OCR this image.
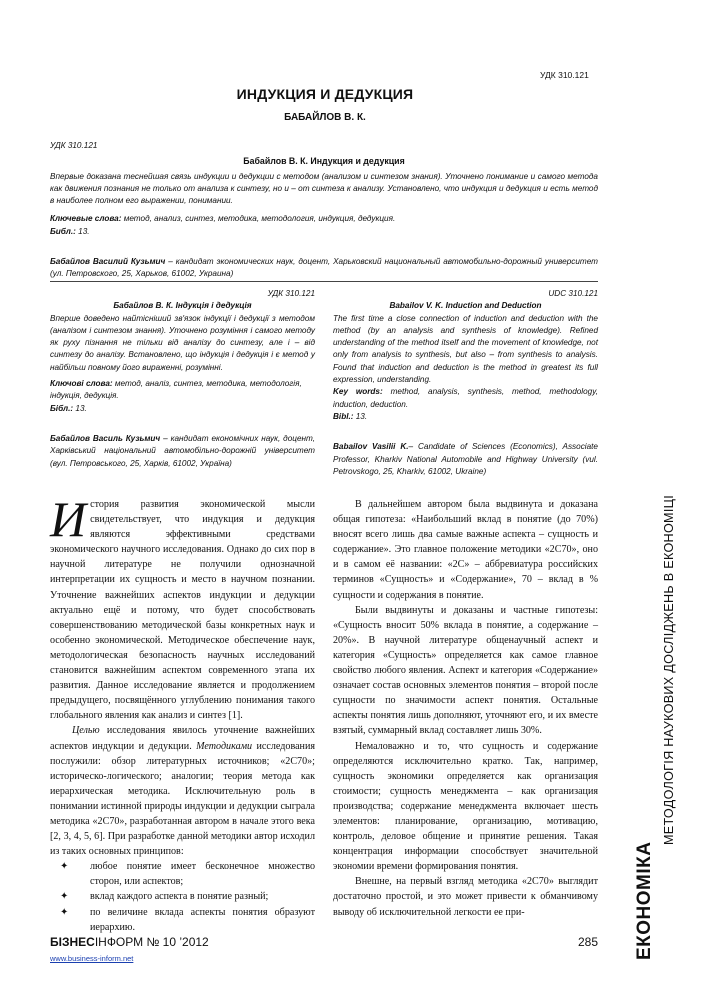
УДК 310.121
ИНДУКЦИЯ И ДЕДУКЦИЯ
БАБАЙЛОВ В. К.
УДК 310.121
Бабайлов В. К. Индукция и дедукция
Впервые доказана теснейшая связь индукции и дедукции с методом (анализом и синтезом знания). Уточнено понимание и самого метода как движения познания не только от анализа к синтезу, но и – от синтеза к анализу. Установлено, что индукция и дедукция и есть метод в наиболее полном его выражении, понимании.
Ключевые слова: метод, анализ, синтез, методика, методология, индукция, дедукция.
Библ.: 13.
Бабайлов Василий Кузьмич – кандидат экономических наук, доцент, Харьковский национальный автомобильно-дорожный университет (ул. Петровского, 25, Харьков, 61002, Украина)
УДК 310.121
Бабайлов В. К. Індукція і дедукція
Вперше доведено найтісніший зв'язок індукції і дедукції з методом (аналізом і синтезом знання). Уточнено розуміння і самого методу як руху пізнання не тільки від аналізу до синтезу, але і – від синтезу до аналізу. Встановлено, що індукція і дедукція і є метод у найбільш повному його вираженні, розумінні.
Ключові слова: метод, аналіз, синтез, методика, методологія, індукція, дедукція.
Бібл.: 13.
Бабайлов Василь Кузьмич – кандидат економічних наук, доцент, Харківський національний автомобільно-дорожній університет (вул. Петровського, 25, Харків, 61002, Україна)
UDC 310.121
Babailov V. K. Induction and Deduction
The first time a close connection of induction and deduction with the method (by an analysis and synthesis of knowledge). Refined understanding of the method itself and the movement of knowledge, not only from analysis to synthesis, but also – from synthesis to analysis. Found that induction and deduction is the method in greatest its full expression, understanding.
Key words: method, analysis, synthesis, method, methodology, induction, deduction.
Bibl.: 13.
Babailov Vasilii K.– Candidate of Sciences (Economics), Associate Professor, Kharkiv National Automobile and Highway University (vul. Petrovskogo, 25, Kharkiv, 61002, Ukraine)

История развития экономической мысли свидетельствует, что индукция и дедукция являются эффективными средствами экономического научного исследования. Однако до сих пор в научной литературе не получили однозначной интерпретации их сущность и место в научном познании. Уточнение важнейших аспектов индукции и дедукции актуально ещё и потому, что будет способствовать совершенствованию методической базы конкретных наук и особенно экономической. Методическое обеспечение наук, методологическая безопасность научных исследований становится важнейшим аспектом современного этапа их развития. Данное исследование является и продолжением предыдущего, посвящённого углублению понимания такого глобального явления как анализ и синтез [1].

Целью исследования явилось уточнение важнейших аспектов индукции и дедукции. Методиками исследования послужили: обзор литературных источников; «2С70»; историческо-логического; аналогии; теория метода как иерархическая методика. Исключительную роль в понимании истинной природы индукции и дедукции сыграла методика «2С70», разработанная автором в начале этого века [2, 3, 4, 5, 6]. При разработке данной методики автор исходил из таких основных принципов:

✦ любое понятие имеет бесконечное множество сторон, или аспектов;
✦ вклад каждого аспекта в понятие разный;
✦ по величине вклада аспекты понятия образуют иерархию.

В дальнейшем автором была выдвинута и доказана общая гипотеза: «Наибольший вклад в понятие (до 70%) вносят всего лишь два самые важные аспекта – сущность и содержание». Это главное положение методики «2С70», оно и в самом её названии: «2С» – аббревиатура российских терминов «Сущность» и «Содержание», 70 – вклад в % сущности и содержания в понятие.

Были выдвинуты и доказаны и частные гипотезы: «Сущность вносит 50% вклада в понятие, а содержание – 20%». В научной литературе общенаучный аспект и категория «Сущность» определяется как самое главное свойство любого явления. Аспект и категория «Содержание» означает состав основных элементов понятия – второй после сущности по значимости аспект понятия. Остальные аспекты понятия лишь дополняют, уточняют его, и их вместе взятый, суммарный вклад составляет лишь 30%.

Немаловажно и то, что сущность и содержание определяются исключительно кратко. Так, например, сущность экономики определяется как организация стоимости; сущность менеджмента – как организация производства; содержание менеджмента включает шесть элементов: планирование, организацию, мотивацию, контроль, деловое общение и принятие решения. Такая концентрация информации способствует значительной экономии времени формирования понятия.

Внешне, на первый взгляд методика «2С70» выглядит достаточно простой, и это может привести к обманчивому выводу об исключительной легкости ее при-	ЕКОНОМІКА
МЕТОДОЛОГІЯ НАУКОВИХ ДОСЛІДЖЕНЬ В ЕКОНОМІЦІ
БІЗНЕСІНФОРМ № 10 ’2012
www.business-inform.net
285
